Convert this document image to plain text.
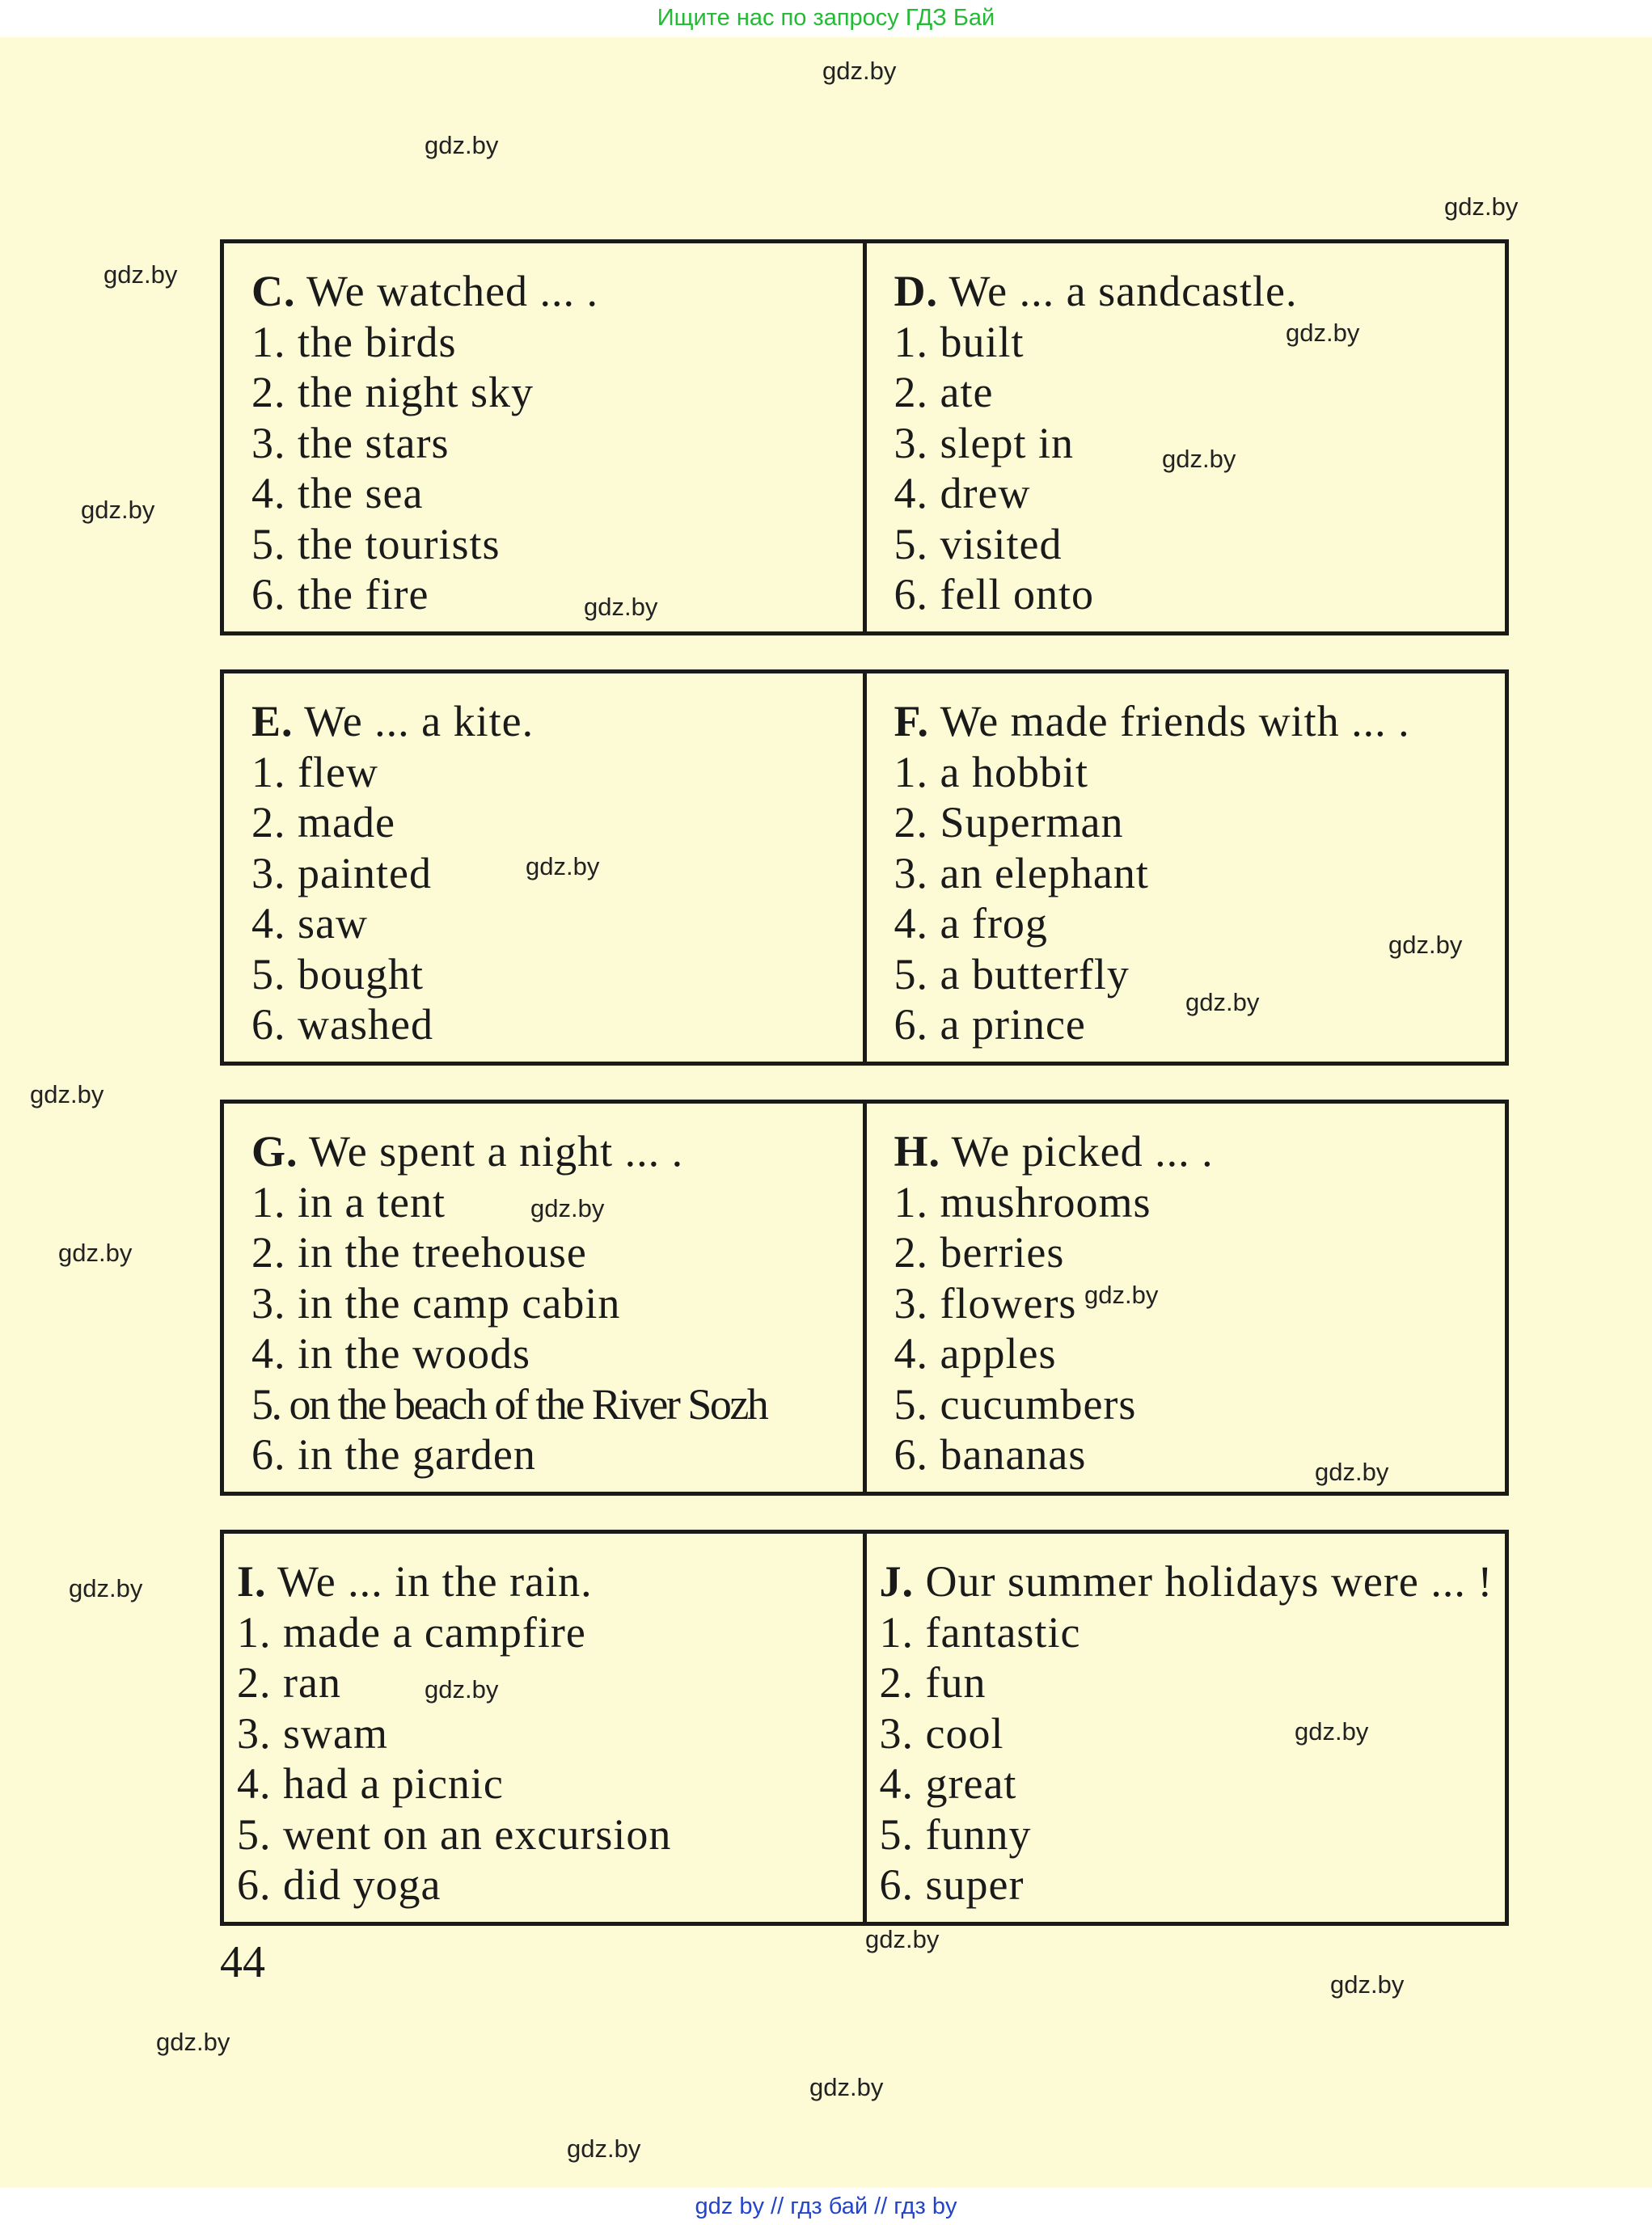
Ищите нас по запросу ГДЗ Бай
C. We watched ... .
1. the birds
2. the night sky
3. the stars
4. the sea
5. the tourists
6. the fire
D. We ... a sandcastle.
1. built
2. ate
3. slept in
4. drew
5. visited
6. fell onto
E. We ... a kite.
1. flew
2. made
3. painted
4. saw
5. bought
6. washed
F. We made friends with ... .
1. a hobbit
2. Superman
3. an elephant
4. a frog
5. a butterfly
6. a prince
G. We spent a night ... .
1. in a tent
2. in the treehouse
3. in the camp cabin
4. in the woods
5. on the beach of the River Sozh
6. in the garden
H. We picked ... .
1. mushrooms
2. berries
3. flowers
4. apples
5. cucumbers
6. bananas
I. We ... in the rain.
1. made a campfire
2. ran
3. swam
4. had a picnic
5. went on an excursion
6. did yoga
J. Our summer holidays were ... !
1. fantastic
2. fun
3. cool
4. great
5. funny
6. super
44
gdz.by
gdz.by
gdz.by
gdz.by
gdz.by
gdz.by
gdz.by
gdz.by
gdz.by
gdz.by
gdz.by
gdz.by
gdz.by
gdz.by
gdz.by
gdz.by
gdz.by
gdz.by
gdz.by
gdz.by
gdz.by
gdz.by
gdz.by
gdz.by
gdz by // гдз бай // гдз by
